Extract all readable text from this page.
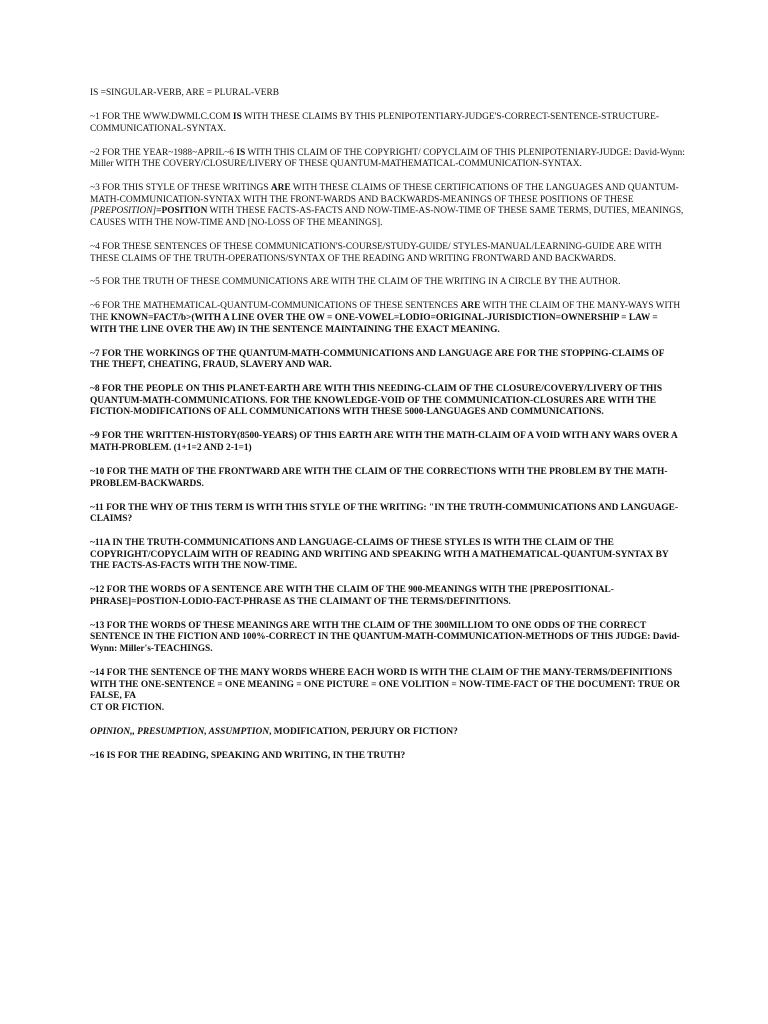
IS =SINGULAR-VERB, ARE = PLURAL-VERB

~1 FOR THE WWW.DWMLC.COM IS WITH THESE CLAIMS BY THIS PLENIPOTENTIARY-JUDGE'S-CORRECT-SENTENCE-STRUCTURE-COMMUNICATIONAL-SYNTAX.

~2 FOR THE YEAR~1988~APRIL~6 IS WITH THIS CLAIM OF THE COPYRIGHT/ COPYCLAIM OF THIS PLENIPOTENIARY-JUDGE: David-Wynn: Miller WITH THE COVERY/CLOSURE/LIVERY OF THESE QUANTUM-MATHEMATICAL-COMMUNICATION-SYNTAX.

~3 FOR THIS STYLE OF THESE WRITINGS ARE WITH THESE CLAIMS OF THESE CERTIFICATIONS OF THE LANGUAGES AND QUANTUM-MATH-COMMUNICATION-SYNTAX WITH THE FRONT-WARDS AND BACKWARDS-MEANINGS OF THESE POSITIONS OF THESE [PREPOSITION]=POSITION WITH THESE FACTS-AS-FACTS AND NOW-TIME-AS-NOW-TIME OF THESE SAME TERMS, DUTIES, MEANINGS, CAUSES WITH THE NOW-TIME AND [NO-LOSS OF THE MEANINGS].

~4 FOR THESE SENTENCES OF THESE COMMUNICATION'S-COURSE/STUDY-GUIDE/ STYLES-MANUAL/LEARNING-GUIDE ARE WITH THESE CLAIMS OF THE TRUTH-OPERATIONS/SYNTAX OF THE READING AND WRITING FRONTWARD AND BACKWARDS.

~5 FOR THE TRUTH OF THESE COMMUNICATIONS ARE WITH THE CLAIM OF THE WRITING IN A CIRCLE BY THE AUTHOR.

~6 FOR THE MATHEMATICAL-QUANTUM-COMMUNICATIONS OF THESE SENTENCES ARE WITH THE CLAIM OF THE MANY-WAYS WITH THE KNOWN=FACT/b>(WITH A LINE OVER THE OW = ONE-VOWEL=LODIO=ORIGINAL-JURISDICTION=OWNERSHIP = LAW = WITH THE LINE OVER THE AW) IN THE SENTENCE MAINTAINING THE EXACT MEANING.

~7 FOR THE WORKINGS OF THE QUANTUM-MATH-COMMUNICATIONS AND LANGUAGE ARE FOR THE STOPPING-CLAIMS OF THE THEFT, CHEATING, FRAUD, SLAVERY AND WAR.

~8 FOR THE PEOPLE ON THIS PLANET-EARTH ARE WITH THIS NEEDING-CLAIM OF THE CLOSURE/COVERY/LIVERY OF THIS QUANTUM-MATH-COMMUNICATIONS. FOR THE KNOWLEDGE-VOID OF THE COMMUNICATION-CLOSURES ARE WITH THE FICTION-MODIFICATIONS OF ALL COMMUNICATIONS WITH THESE 5000-LANGUAGES AND COMMUNICATIONS.

~9 FOR THE WRITTEN-HISTORY(8500-YEARS) OF THIS EARTH ARE WITH THE MATH-CLAIM OF A VOID WITH ANY WARS OVER A MATH-PROBLEM. (1+1=2 AND 2-1=1)

~10 FOR THE MATH OF THE FRONTWARD ARE WITH THE CLAIM OF THE CORRECTIONS WITH THE PROBLEM BY THE MATH-PROBLEM-BACKWARDS.

~11 FOR THE WHY OF THIS TERM IS WITH THIS STYLE OF THE WRITING: "IN THE TRUTH-COMMUNICATIONS AND LANGUAGE-CLAIMS?

~11A IN THE TRUTH-COMMUNICATIONS AND LANGUAGE-CLAIMS OF THESE STYLES IS WITH THE CLAIM OF THE COPYRIGHT/COPYCLAIM WITH OF READING AND WRITING AND SPEAKING WITH A MATHEMATICAL-QUANTUM-SYNTAX BY THE FACTS-AS-FACTS WITH THE NOW-TIME.

~12 FOR THE WORDS OF A SENTENCE ARE WITH THE CLAIM OF THE 900-MEANINGS WITH THE [PREPOSITIONAL-PHRASE]=POSTION-LODIO-FACT-PHRASE AS THE CLAIMANT OF THE TERMS/DEFINITIONS.

~13 FOR THE WORDS OF THESE MEANINGS ARE WITH THE CLAIM OF THE 300MILLIOM TO ONE ODDS OF THE CORRECT SENTENCE IN THE FICTION AND 100%-CORRECT IN THE QUANTUM-MATH-COMMUNICATION-METHODS OF THIS JUDGE: David-Wynn: Miller's-TEACHINGS.

~14 FOR THE SENTENCE OF THE MANY WORDS WHERE EACH WORD IS WITH THE CLAIM OF THE MANY-TERMS/DEFINITIONS WITH THE ONE-SENTENCE = ONE MEANING = ONE PICTURE = ONE VOLITION = NOW-TIME-FACT OF THE DOCUMENT: TRUE OR FALSE, FA
CT OR FICTION.

OPINION,, PRESUMPTION, ASSUMPTION, MODIFICATION, PERJURY OR FICTION?

~16 IS FOR THE READING, SPEAKING AND WRITING, IN THE TRUTH?
